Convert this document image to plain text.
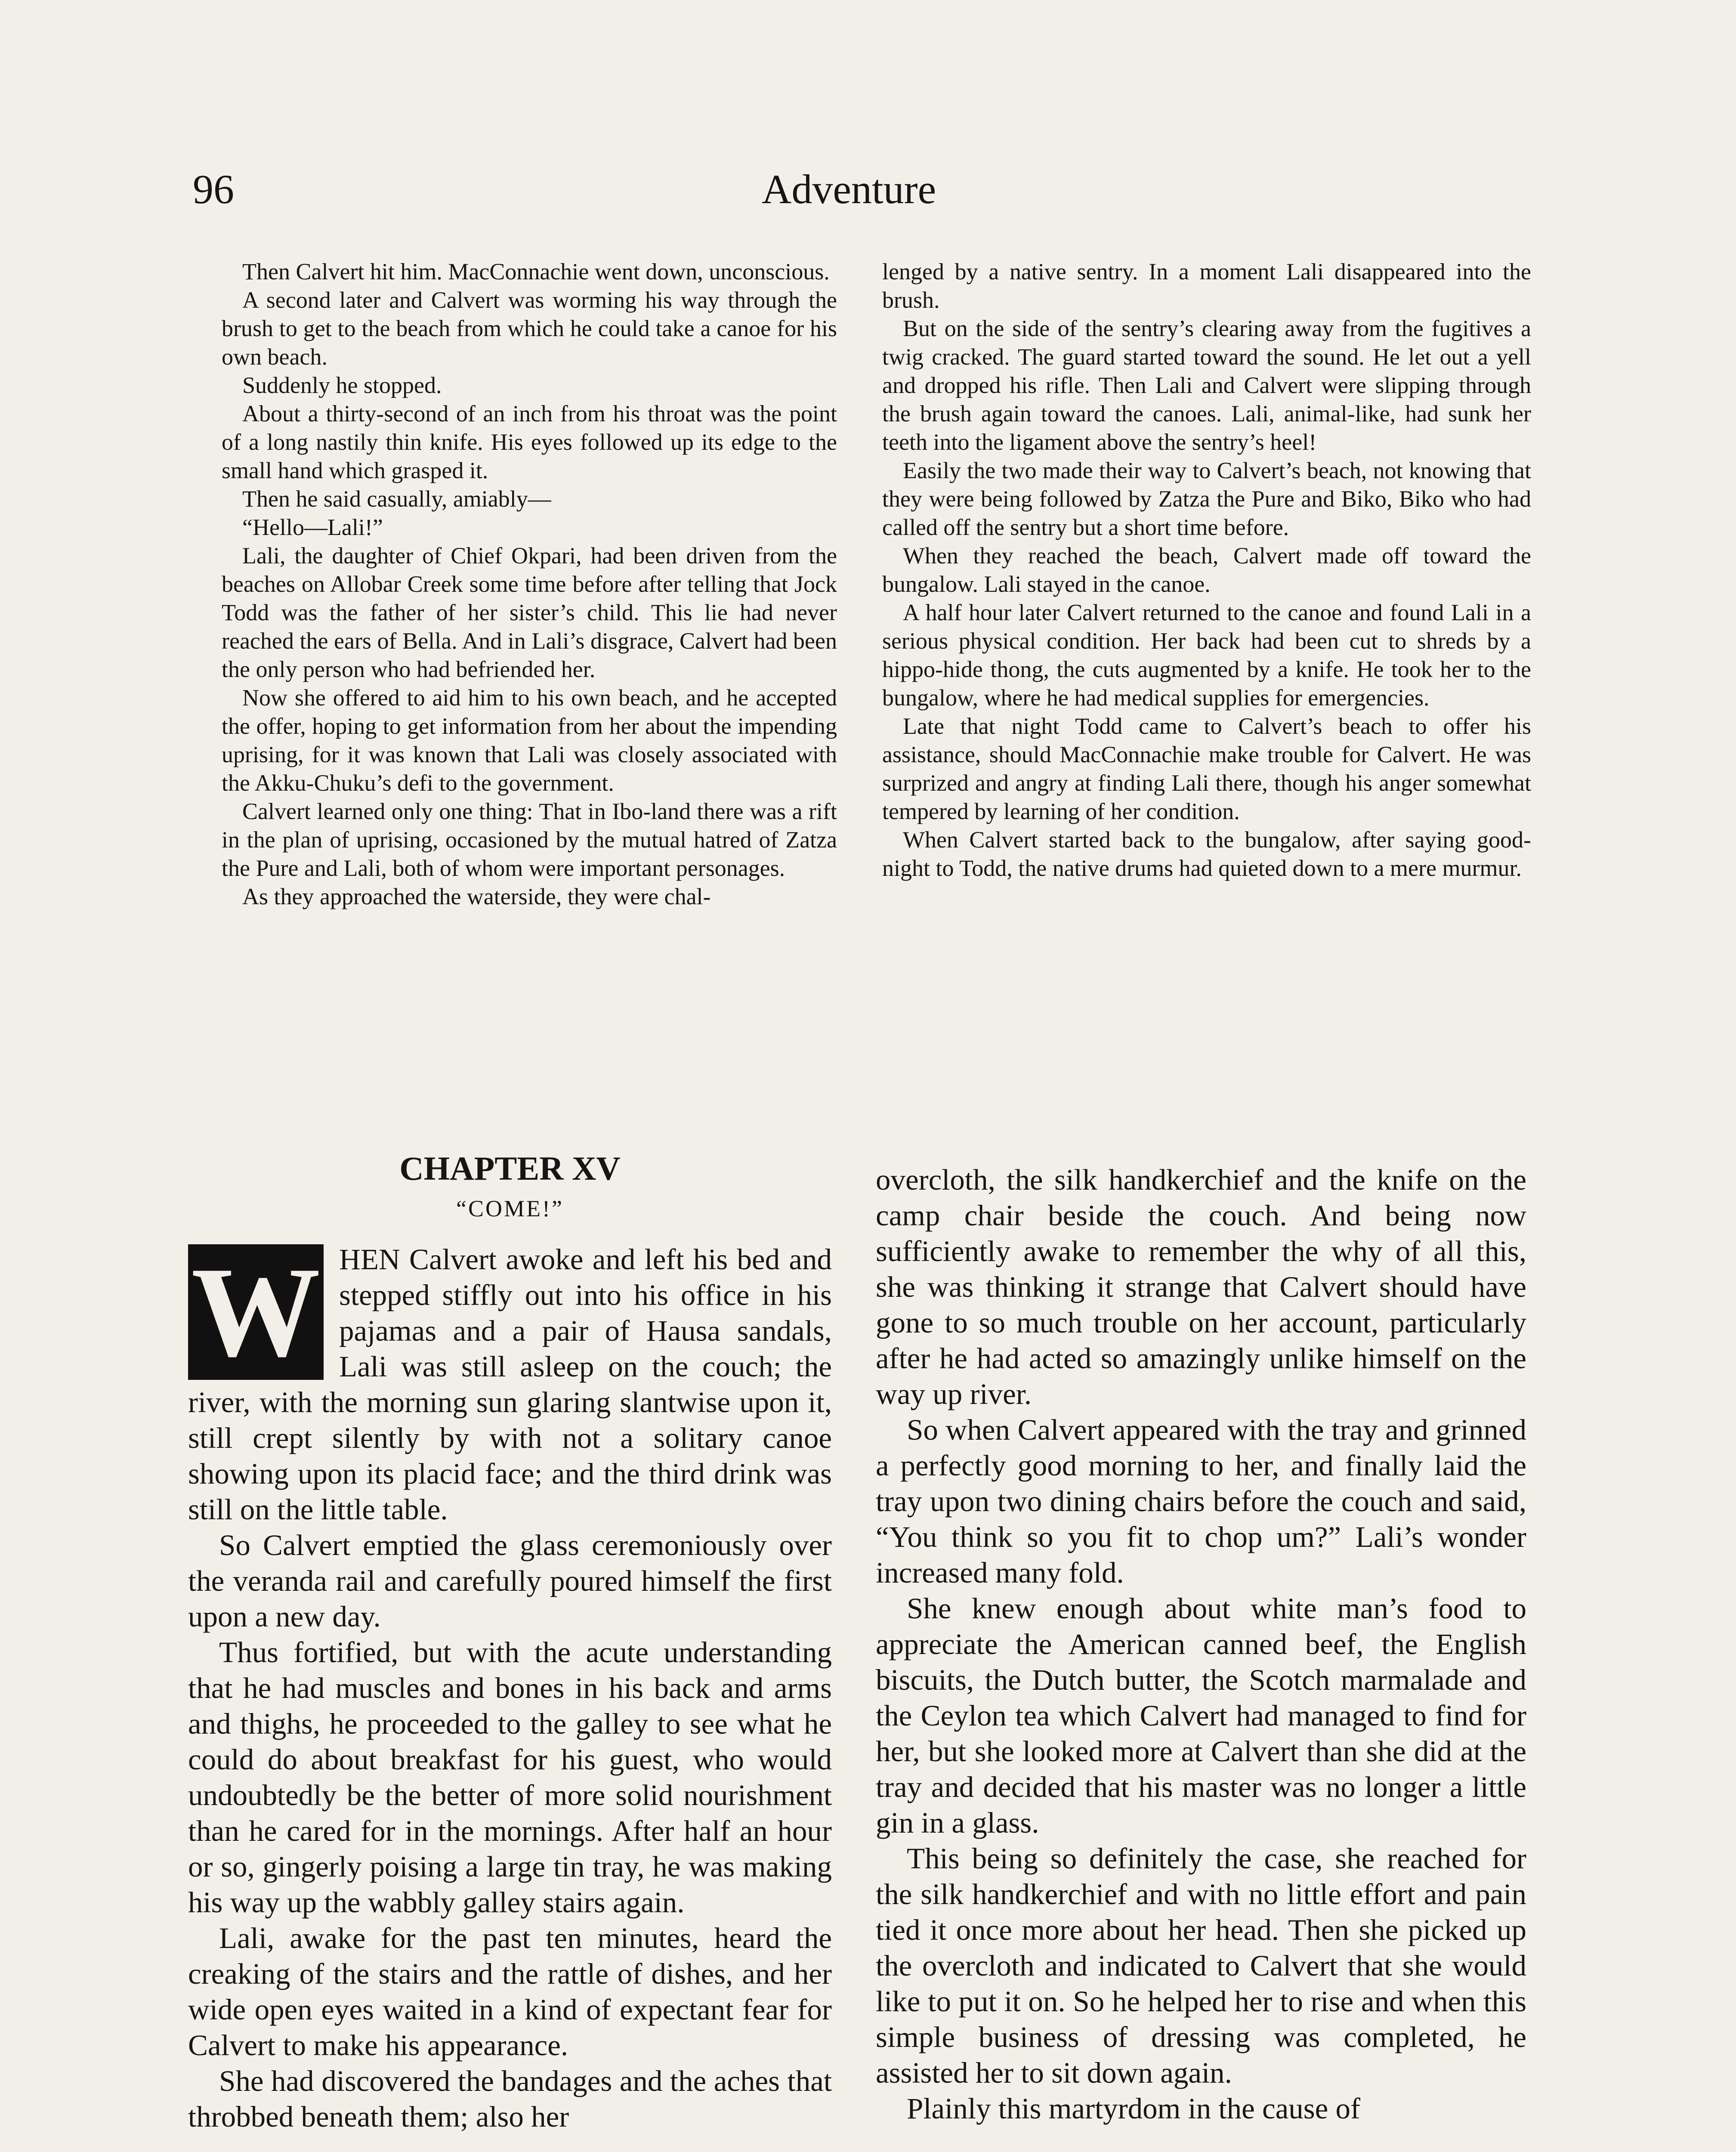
96	Adventure

Then Calvert hit him. MacConnachie went down, unconscious.

A second later and Calvert was worming his way through the brush to get to the beach from which he could take a canoe for his own beach.

Suddenly he stopped.

About a thirty-second of an inch from his throat was the point of a long nastily thin knife. His eyes followed up its edge to the small hand which grasped it.

Then he said casually, amiably—

“Hello—Lali!”

Lali, the daughter of Chief Okpari, had been driven from the beaches on Allobar Creek some time before after telling that Jock Todd was the father of her sister’s child. This lie had never reached the ears of Bella. And in Lali’s disgrace, Calvert had been the only person who had befriended her.

Now she offered to aid him to his own beach, and he accepted the offer, hoping to get information from her about the impending uprising, for it was known that Lali was closely associated with the Akku-Chuku’s defi to the government.

Calvert learned only one thing: That in Ibo-land there was a rift in the plan of uprising, occasioned by the mutual hatred of Zatza the Pure and Lali, both of whom were important personages.

As they approached the waterside, they were chal-

lenged by a native sentry. In a moment Lali disappeared into the brush.

But on the side of the sentry’s clearing away from the fugitives a twig cracked. The guard started toward the sound. He let out a yell and dropped his rifle. Then Lali and Calvert were slipping through the brush again toward the canoes. Lali, animal-like, had sunk her teeth into the ligament above the sentry’s heel!

Easily the two made their way to Calvert’s beach, not knowing that they were being followed by Zatza the Pure and Biko, Biko who had called off the sentry but a short time before.

When they reached the beach, Calvert made off toward the bungalow. Lali stayed in the canoe.

A half hour later Calvert returned to the canoe and found Lali in a serious physical condition. Her back had been cut to shreds by a hippo-hide thong, the cuts augmented by a knife. He took her to the bungalow, where he had medical supplies for emergencies.

Late that night Todd came to Calvert’s beach to offer his assistance, should MacConnachie make trouble for Calvert. He was surprized and angry at finding Lali there, though his anger somewhat tempered by learning of her condition.

When Calvert started back to the bungalow, after saying good-night to Todd, the native drums had quieted down to a mere murmur.

CHAPTER XV
“COME!”

W HEN Calvert awoke and left his bed and stepped stiffly out into his office in his pajamas and a pair of Hausa sandals, Lali was still asleep on the couch; the river, with the morning sun glaring slantwise upon it, still crept silently by with not a solitary canoe showing upon its placid face; and the third drink was still on the little table.

So Calvert emptied the glass ceremoniously over the veranda rail and carefully poured himself the first upon a new day.

Thus fortified, but with the acute understanding that he had muscles and bones in his back and arms and thighs, he proceeded to the galley to see what he could do about breakfast for his guest, who would undoubtedly be the better of more solid nourishment than he cared for in the mornings. After half an hour or so, gingerly poising a large tin tray, he was making his way up the wabbly galley stairs again.

Lali, awake for the past ten minutes, heard the creaking of the stairs and the rattle of dishes, and her wide open eyes waited in a kind of expectant fear for Calvert to make his appearance.

She had discovered the bandages and the aches that throbbed beneath them; also her

overcloth, the silk handkerchief and the knife on the camp chair beside the couch. And being now sufficiently awake to remember the why of all this, she was thinking it strange that Calvert should have gone to so much trouble on her account, particularly after he had acted so amazingly unlike himself on the way up river.

So when Calvert appeared with the tray and grinned a perfectly good morning to her, and finally laid the tray upon two dining chairs before the couch and said, “You think so you fit to chop um?” Lali’s wonder increased many fold.

She knew enough about white man’s food to appreciate the American canned beef, the English biscuits, the Dutch butter, the Scotch marmalade and the Ceylon tea which Calvert had managed to find for her, but she looked more at Calvert than she did at the tray and decided that his master was no longer a little gin in a glass.

This being so definitely the case, she reached for the silk handkerchief and with no little effort and pain tied it once more about her head. Then she picked up the overcloth and indicated to Calvert that she would like to put it on. So he helped her to rise and when this simple business of dressing was completed, he assisted her to sit down again.

Plainly this martyrdom in the cause of
